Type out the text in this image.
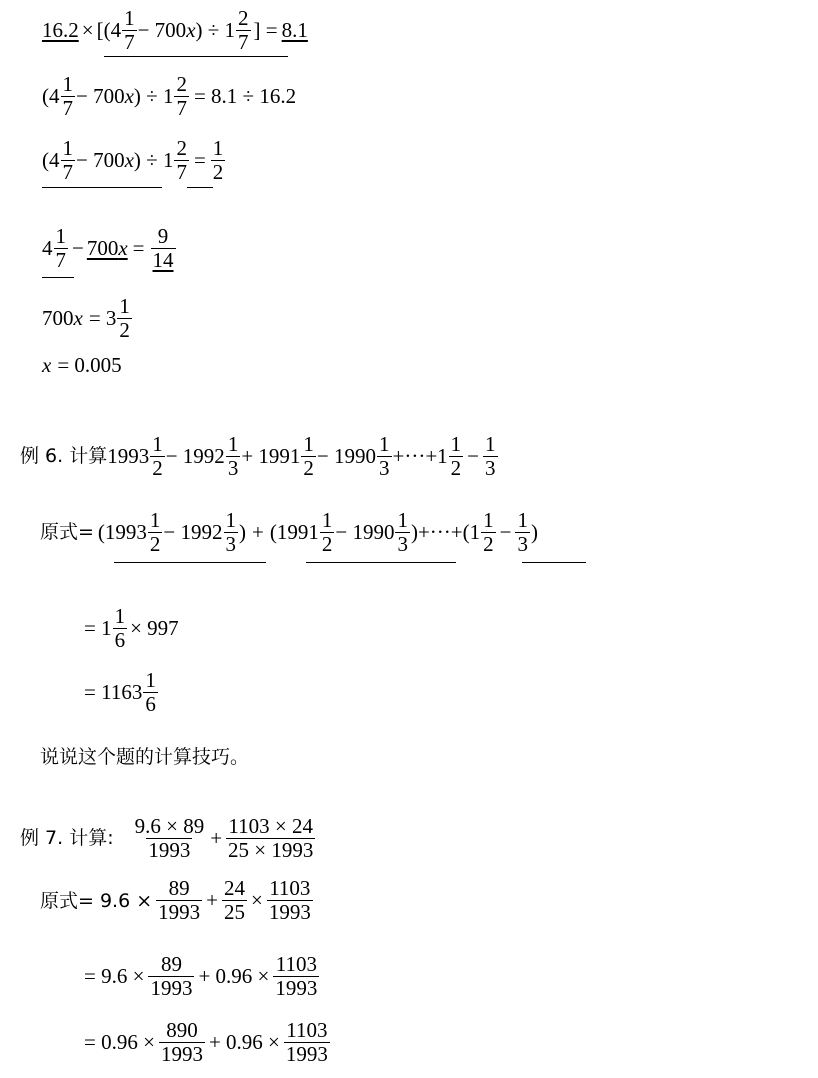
$16.2 \times [(4 \frac{1}{7} - 700$ x ) ÷ $1 \frac{2}{7}$ ] = 8.1
($4 \frac{1}{7} - 700$ x ) ÷ $1 \frac{2}{7} = 8.1 \div 16.2$
($4 \frac{1}{7} - 700$ x ) ÷ $1 \frac{2}{7} = \frac{1}{2}$
$4 \frac{1}{7} - 700x = \frac{9}{14}$
700 $x = 3 \frac{1}{2}$
x = 0.005
例 6. 计算 $1993 \frac{1}{2} - 1992 \frac{1}{3} + 1991 \frac{1}{2} - 1990 \frac{1}{3} +\cdot\cdot\cdot+1 \frac{1}{2} - \frac{1}{3}$
原式= ($1993 \frac{1}{2} - 1992 \frac{1}{3}$ ) + $(1991 \frac{1}{2} - 1990 \frac{1}{3} )+\cdot\cdot\cdot+(1 \frac{1}{2} - \frac{1}{3}$ )
= $1 \frac{1}{6} \times 997$
= $1163 \frac{1}{6}$
说说这个题的计算技巧。
例 7. 计算: $\frac{9.6 \times 89}{1993} + \frac{1103 \times 24}{25 \times 1993}$
原式= $9.6 \times \frac{89}{1993} + \frac{24}{25} \times \frac{1103}{1993}$
= $9.6 \times \frac{89}{1993} + 0.96 \times \frac{1103}{1993}$
= $0.96 \times \frac{890}{1993} + 0.96 \times \frac{1103}{1993}$
